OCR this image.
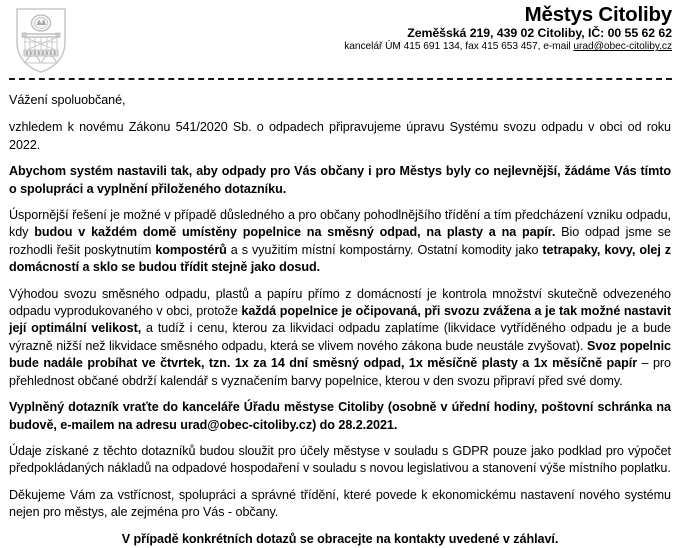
Městys Citoliby
Zeměšská 219, 439 02 Citoliby, IČ: 00 55 62 62
kancelář ÚM 415 691 134, fax 415 653 457, e-mail urad@obec-citoliby.cz

Vážení spoluobčané,

vzhledem k novému Zákonu 541/2020 Sb. o odpadech připravujeme úpravu Systému svozu odpadu v obci od roku 2022.

Abychom systém nastavili tak, aby odpady pro Vás občany i pro Městys byly co nejlevnější, žádáme Vás tímto o spolupráci a vyplnění přiloženého dotazníku.

Úspornější řešení je možné v případě důsledného a pro občany pohodlnějšího třídění a tím předcházení vzniku odpadu, kdy budou v každém domě umístěny popelnice na směsný odpad, na plasty a na papír. Bio odpad jsme se rozhodli řešit poskytnutím kompostérů a s využitím místní kompostárny. Ostatní komodity jako tetrapaky, kovy, olej z domácností a sklo se budou třídit stejně jako dosud.

Výhodou svozu směsného odpadu, plastů a papíru přímo z domácností je kontrola množství skutečně odvezeného odpadu vyprodukovaného v obci, protože každá popelnice je očipovaná, při svozu zvážena a je tak možné nastavit její optimální velikost, a tudíž i cenu, kterou za likvidaci odpadu zaplatíme (likvidace vytříděného odpadu je a bude výrazně nižší než likvidace směsného odpadu, která se vlivem nového zákona bude neustále zvyšovat). Svoz popelnic bude nadále probíhat ve čtvrtek, tzn. 1x za 14 dní směsný odpad, 1x měsíčně plasty a 1x měsíčně papír – pro přehlednost občané obdrží kalendář s vyznačením barvy popelnice, kterou v den svozu připraví před své domy.

Vyplněný dotazník vraťte do kanceláře Úřadu městyse Citoliby (osobně v úřední hodiny, poštovní schránka na budově, e-mailem na adresu urad@obec-citoliby.cz) do 28.2.2021.

Údaje získané z těchto dotazníků budou sloužit pro účely městyse v souladu s GDPR pouze jako podklad pro výpočet předpokládaných nákladů na odpadové hospodaření v souladu s novou legislativou a stanovení výše místního poplatku.

Děkujeme Vám za vstřícnost, spolupráci a správné třídění, které povede k ekonomickému nastavení nového systému nejen pro městys, ale zejména pro Vás - občany.

V případě konkrétních dotazů se obracejte na kontakty uvedené v záhlaví.
